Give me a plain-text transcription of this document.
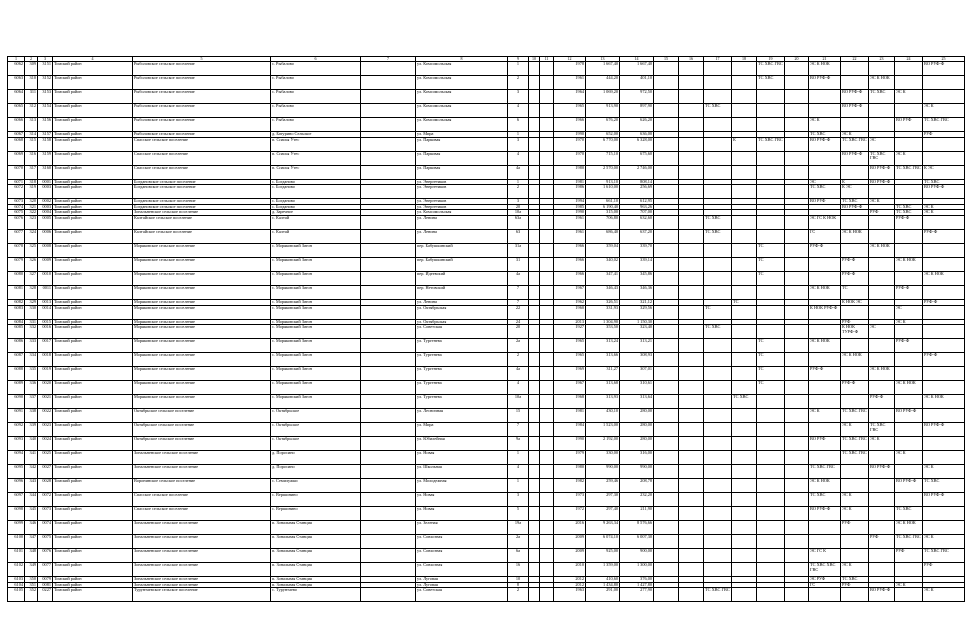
1	2	3	4	5	6	7	8	9	10	11	12	13	14	15	16	17	18	19	20	21	22	23	24	25
6062	309	3151	Томский район	Рыболовское сельское поселение	с. Рыбалово		ул. Комсомольская	1			1978	1 667,40	1 667,40					ТС ХВС ГВС		ЭС К НОК				ВО РУФ-Ф
6063	310	3152	Томский район	Рыболовское сельское поселение	с. Рыбалово		ул. Комсомольская	2			1961	444,20	401,10					ТС ХВС		ВО РУФ-Ф		ЭС К НОК		
6064	311	3153	Томский район	Рыболовское сельское поселение	с. Рыбалово		ул. Комсомольская	3			1964	1 069,20	972,50								ВО РУФ-Ф	ТС ХВС	ЭС К	
6065	312	3154	Томский район	Рыболовское сельское поселение	с. Рыбалово		ул. Комсомольская	4			1965	913,90	897,90			ТС ХВС					ВО РУФ-Ф			ЭС К
6066	313	3156	Томский район	Рыболовское сельское поселение	с. Рыбалово		ул. Комсомольская	6			1966	676,20	626,20							ЭС К			ВО РУФ	ТС ХВС ГВС
6067	314	3157	Томский район	Рыболовское сельское поселение	д. Батурино Сельское		ул. Мира	1			1990	652,00	636,00							ТС ХВС	ЭС К			РУФ
6068	315	3158	Томский район	Спасское сельское поселение	п. Спасья Утес		ул. Парковая	3			1970	6 770,00	6 328,00				К	ТС ХВС ГВС		ВО РУФ-Ф	ТС ХВС ГВС	ЭС		
6069	316	3159	Томский район	Спасское сельское поселение	п. Спасья Утес		ул. Парковая	4			1970	715,10	675,60								ВО РУФ-Ф	ТС ХВС ГВС	ЭС К	
6070	317	3160	Томский район	Спасское сельское поселение	п. Спасья Утес		ул. Парковая	4а			1980	2 570,00	2 746,00									ВО РУФ-Ф	ТС ХВС ГВС	К ЭС
6071	318	0001	Томский район	Богдановское сельское поселение	с. Богданово		ул. Энергетиков	1			1981	913,10	808,14							ЭС	К	ВО РУФ-Ф		ТС ХВС
6072	319	0003	Томский район	Богдановское сельское поселение	с. Богданово		ул. Энергетиков	2			1986	1 610,00	256,69							ТС ХВС	К ЭС			ВО РУФ-Ф
6073	320	0002	Томский район	Богдановское сельское поселение	с. Богданово		ул. Энергетиков	3			1994	661,10	612,95							ВО РУФ	ТС ХВС	ЭС К		
6074	321	0003	Томский район	Богдановское сельское поселение	с. Богданово		ул. Энергетиков	20			1985	6 190,40	963,26								ВО РУФ-Ф		ТС ХВС	ЭС К
6075	322	0004	Томский район	Зональненское сельское поселение	д. Заречное		ул. Комсомольская	10а			1990	315,00	707,00									РУФ	ТС ХВС	ЭС К
6076	323	0005	Томский район	Калтайское сельское поселение	с. Калтай		ул. Ленина	63а			1961	706,80	632,60			ТС ХВС				ЭС ГС К НОК			РУФ-Ф	
6077	324	0006	Томский район	Калтайское сельское поселение	с. Калтай		ул. Ленина	63			1961	686,40	637,20			ТС ХВС				ГС	ЭС К НОК			РУФ-Ф
6078	325	0008	Томский район	Моряковское сельское поселение	с. Моряковский Затон		пер. Бабушкинский	31а			1966	359,04	339,70					ТС		РУФ-Ф		ЭС К НОК		
6079	326	0009	Томский район	Моряковское сельское поселение	с. Моряковский Затон		пер. Бабушкинский	31			1966	340,02	339,14					ТС			РУФ-Ф		ЭС К НОК	
6080	327	0010	Томский район	Моряковское сельское поселение	с. Моряковский Затон		пер. Идеевский	4а			1966	347,41	345,86					ТС			РУФ-Ф			ЭС К НОК
6081	328	0011	Томский район	Моряковское сельское поселение	с. Моряковский Затон		пер. Нетовский	7			1967	346,43	346,36							ЭС К НОК	ТС		РУФ-Ф	
6082	329	0013	Томский район	Моряковское сельское поселение	с. Моряковский Затон		ул. Ленина	7			1962	326,51	321,12				ТС				К НОК ЭС			РУФ-Ф
6083	330	0014	Томский район	Моряковское сельское поселение	с. Моряковский Затон		ул. Октябрьская	22			1960	331,93	329,56			ТС				К НОК РУФ-Ф			ЭС	
6084	331	0015	Томский район	Моряковское сельское поселение	с. Моряковский Затон		ул. Октябрьская	24			2013	1 304,90	1 150,30								РУФ		ЭС К	
6085	332	0016	Томский район	Моряковское сельское поселение	с. Моряковский Затон		ул. Советская	20			1927	353,50	323,40			ТС ХВС					К НОК ТУРФ-Ф	ЭС		
6086	333	0017	Томский район	Моряковское сельское поселение	с. Моряковский Затон		ул. Тургенева	2а			1965	313,24	313,21					ТС		ЭС К НОК			РУФ-Ф	
6087	334	0018	Томский район	Моряковское сельское поселение	с. Моряковский Затон		ул. Тургенева	2			1965	313,66	308,93					ТС			ЭС К НОК			РУФ-Ф
6088	335	0019	Томский район	Моряковское сельское поселение	с. Моряковский Затон		ул. Тургенева	4а			1969	311,27	307,01					ТС		РУФ-Ф		ЭС К НОК		
6089	336	0020	Томский район	Моряковское сельское поселение	с. Моряковский Затон		ул. Тургенева	4			1967	313,68	310,61					ТС			РУФ-Ф		ЭС К НОК	
6090	337	0021	Томский район	Моряковское сельское поселение	с. Моряковский Затон		ул. Тургенева	10а			1968	313,93	313,64				ТС ХВС					РУФ-Ф		ЭС К НОК
6091	338	0022	Томский район	Октябрьское сельское поселение	с. Октябрьское		ул. Лесничная	15			1981	430,10	280,00							ЭС К	ТС ХВС ГВС		ВО РУФ-Ф	
6092	339	0023	Томский район	Октябрьское сельское поселение	с. Октябрьское		ул. Мира	7			1984	1 523,00	280,00								ЭС К	ТС ХВС ГВС		ВО РУФ-Ф
6093	340	0024	Томский район	Октябрьское сельское поселение	с. Октябрьское		ул. Юбилейная	9а			1990	2 192,00	280,00							ВО РУФ	ТС ХВС ГВС	ЭС К		
6094	341	0025	Томский район	Зональненское сельское поселение	д. Поросино		ул. Новая	1			1979	330,00	316,00								ТС ХВС ГВС		ЭС К	
6095	342	0027	Томский район	Зональненское сельское поселение	д. Поросино		ул. Школьная	4			1980	990,00	990,00							ТС ХВС ГВС		ВО РУФ-Ф		ЭС К
6096	343	0028	Томский район	Воронинское сельское поселение	с. Семилужки		ул. Молодежная	1			1982	259,46	208,78							ЭС К НОК			ВО РУФ-Ф	ТС ХВС
6097	344	0072	Томский район	Спасское сельское поселение	с. Вершинино		ул. Новая	3			1973	297,30	232,20							ТС ХВС	ЭС К			ВО РУФ-Ф
6098	345	0073	Томский район	Спасское сельское поселение	с. Вершинино		ул. Новая	5			1972	297,40	211,90							ВО РУФ-Ф	ЭС К		ТС ХВС	
6099	346	0074	Томский район	Зональненское сельское поселение	п. Зональная Станция		ул. Зеленая	19а			2016	9 263,34	8 576,66								РУФ		ЭС К НОК	
6100	347	0075	Томский район	Зональненское сельское поселение	п. Зональная Станция		ул. Совхозная	2а			2009	6 074,10	6 007,30									РУФ	ТС ХВС ГВС	ЭС К
6101	348	0076	Томский район	Зональненское сельское поселение	п. Зональная Станция		ул. Совхозная	6а			2009	925,00	900,00							ЭС ГС К			РУФ	ТС ХВС ГВС
6102	349	0077	Томский район	Зональненское сельское поселение	п. Зональная Станция		ул. Совхозная	16			2010	1 359,00	1 300,00							ТС ХВС ХВС ГВС	ЭС К			РУФ
6103	350	0079	Томский район	Зональненское сельское поселение	п. Зональная Станция		ул. Луговая	10			2012	410,60	376,00							ЭС РУФ	ТС ХВС			
6104	351	0081	Томский район	Зональненское сельское поселение	п. Зональная Станция		ул. Луговая	8			2012	1 434,80	1 427,80							ГС	РУФ		ЭС К	
6105	352	0227	Томский район	Турунтаевское сельское поселение	с. Турунтаево		ул. Советская	2			1963	291,00	277,90			ТС ХВС ГВС						ВО РУФ-Ф		ЭС К
